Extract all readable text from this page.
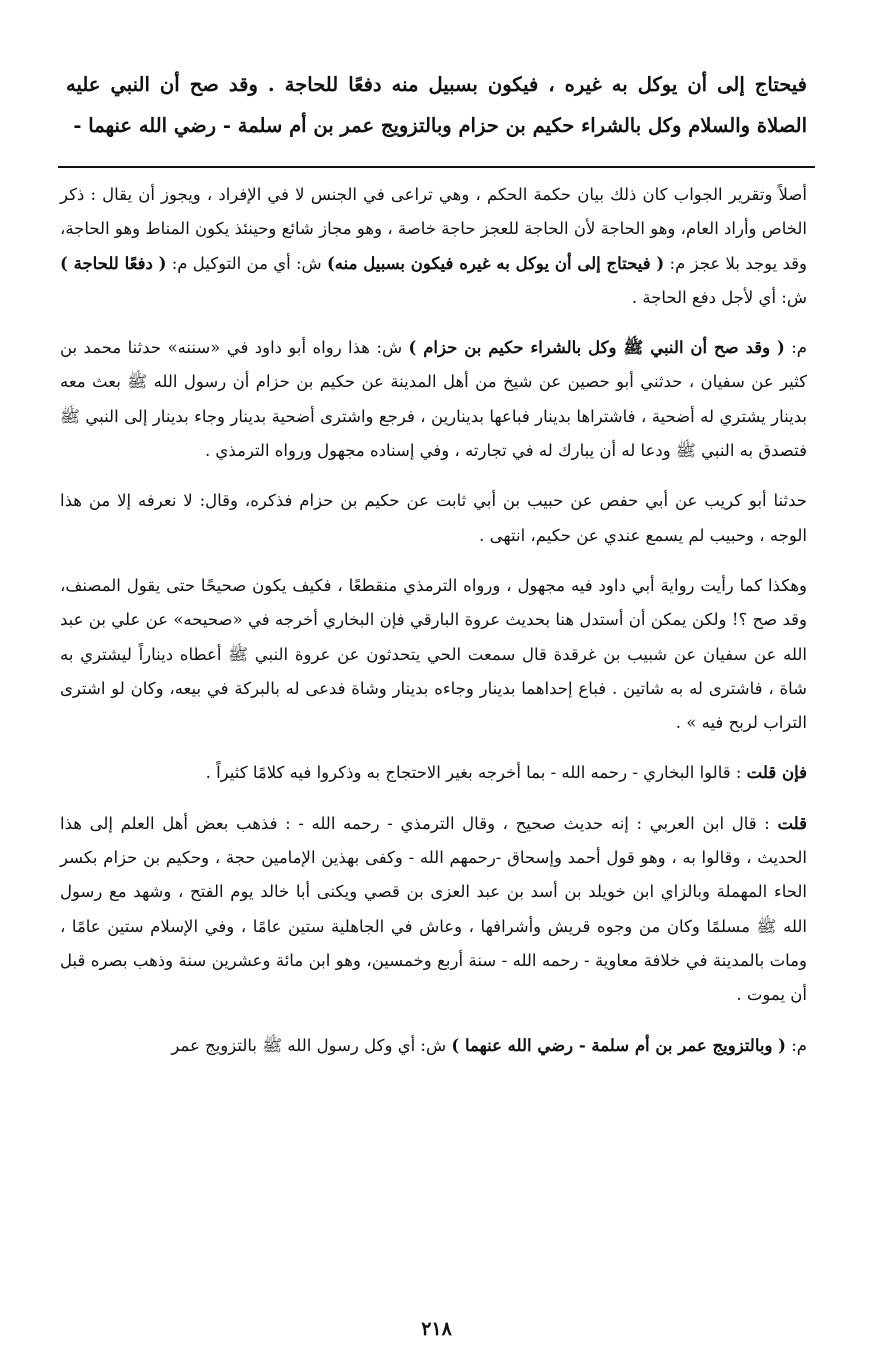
فيحتاج إلى أن يوكل به غيره ، فيكون بسبيل منه دفعًا للحاجة . وقد صح أن النبي عليه الصلاة والسلام وكل بالشراء حكيم بن حزام وبالتزويج عمر بن أم سلمة - رضي الله عنهما -

أصلاً وتقرير الجواب كان ذلك بيان حكمة الحكم ، وهي تراعى في الجنس لا في الإفراد ، ويجوز أن يقال : ذكر الخاص وأراد العام، وهو الحاجة لأن الحاجة للعجز حاجة خاصة ، وهو مجاز شائع وحينئذ يكون المناط وهو الحاجة، وقد يوجد بلا عجز م: ( فيحتاج إلى أن يوكل به غيره فيكون بسبيل منه) ش: أي من التوكيل م: ( دفعًا للحاجة ) ش: أي لأجل دفع الحاجة .

م: ( وقد صح أن النبي ﷺ وكل بالشراء حكيم بن حزام ) ش: هذا رواه أبو داود في «سننه» حدثنا محمد بن كثير عن سفيان ، حدثني أبو حصين عن شيخ من أهل المدينة عن حكيم بن حزام أن رسول الله ﷺ بعث معه بدينار يشتري له أضحية ، فاشتراها بدينار فباعها بدينارين ، فرجع واشترى أضحية بدينار وجاء بدينار إلى النبي ﷺ فتصدق به النبي ﷺ ودعا له أن يبارك له في تجارته ، وفي إسناده مجهول ورواه الترمذي .

حدثنا أبو كريب عن أبي حفص عن حبيب بن أبي ثابت عن حكيم بن حزام فذكره، وقال: لا نعرفه إلا من هذا الوجه ، وحبيب لم يسمع عندي عن حكيم، انتهى .

وهكذا كما رأيت رواية أبي داود فيه مجهول ، ورواه الترمذي منقطعًا ، فكيف يكون صحيحًا حتى يقول المصنف، وقد صح ؟! ولكن يمكن أن أستدل هنا بحديث عروة البارقي فإن البخاري أخرجه في «صحيحه» عن علي بن عبد الله عن سفيان عن شبيب بن غرقدة قال سمعت الحي يتحدثون عن عروة النبي ﷺ أعطاه ديناراً ليشتري به شاة ، فاشترى له به شاتين . فباع إحداهما بدينار وجاءه بدينار وشاة فدعى له بالبركة في بيعه، وكان لو اشترى التراب لربح فيه » .

فإن قلت : قالوا البخاري - رحمه الله - بما أخرجه بغير الاحتجاج به وذكروا فيه كلامًا كثيراً .

قلت : قال ابن العربي : إنه حديث صحيح ، وقال الترمذي - رحمه الله - : فذهب بعض أهل العلم إلى هذا الحديث ، وقالوا به ، وهو قول أحمد وإسحاق -رحمهم الله - وكفى بهذين الإمامين حجة ، وحكيم بن حزام بكسر الحاء المهملة وبالزاي ابن خويلد بن أسد بن عبد العزى بن قصي ويكنى أبا خالد يوم الفتح ، وشهد مع رسول الله ﷺ مسلمًا وكان من وجوه قريش وأشرافها ، وعاش في الجاهلية ستين عامًا ، وفي الإسلام ستين عامًا ، ومات بالمدينة في خلافة معاوية - رحمه الله - سنة أربع وخمسين، وهو ابن مائة وعشرين سنة وذهب بصره قبل أن يموت .

م: ( وبالتزويج عمر بن أم سلمة - رضي الله عنهما ) ش: أي وكل رسول الله ﷺ بالتزويج عمر

٢١٨
